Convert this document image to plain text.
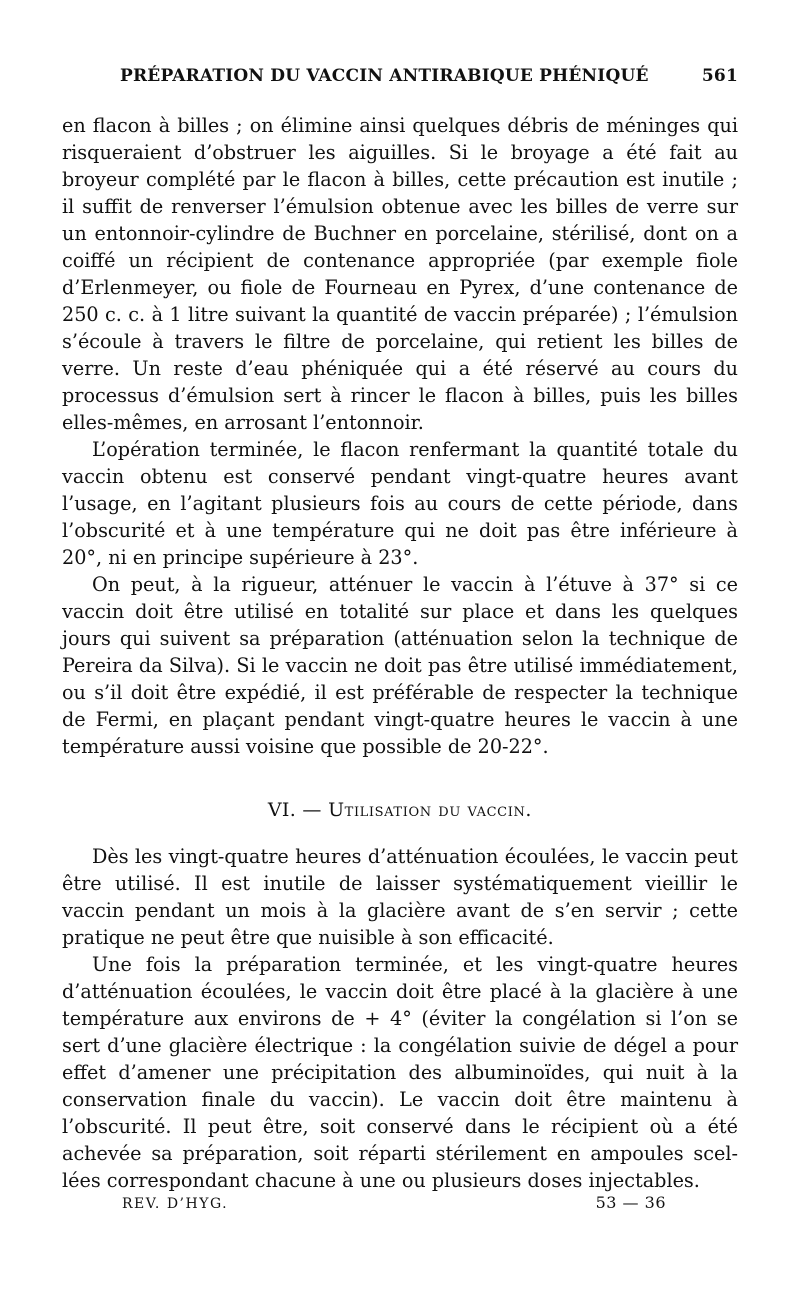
PRÉPARATION DU VACCIN ANTIRABIQUE PHÉNIQUÉ	561

en flacon à billes ; on élimine ainsi quelques débris de méninges qui risqueraient d’obstruer les aiguilles. Si le broyage a été fait au broyeur complété par le flacon à billes, cette précaution est inutile ; il suffit de renverser l’émulsion obtenue avec les billes de verre sur un entonnoir-cylindre de Buchner en porcelaine, stérilisé, dont on a coiffé un récipient de contenance appropriée (par exemple fiole d’Erlenmeyer, ou fiole de Fourneau en Pyrex, d’une contenance de 250 c. c. à 1 litre suivant la quantité de vaccin préparée) ; l’émulsion s’écoule à travers le filtre de porcelaine, qui retient les billes de verre. Un reste d’eau phéniquée qui a été réservé au cours du processus d’émulsion sert à rincer le flacon à billes, puis les billes elles-mêmes, en arrosant l’entonnoir.

L’opération terminée, le flacon renfermant la quantité totale du vaccin obtenu est conservé pendant vingt-quatre heures avant l’usage, en l’agitant plusieurs fois au cours de cette période, dans l’obscurité et à une température qui ne doit pas être inférieure à 20°, ni en principe supérieure à 23°.

On peut, à la rigueur, atténuer le vaccin à l’étuve à 37° si ce vaccin doit être utilisé en totalité sur place et dans les quelques jours qui suivent sa préparation (atténuation selon la technique de Pereira da Silva). Si le vaccin ne doit pas être utilisé immédiatement, ou s’il doit être expédié, il est préférable de respecter la technique de Fermi, en plaçant pendant vingt-quatre heures le vaccin à une température aussi voisine que possible de 20-22°.

VI. — Utilisation du vaccin.

Dès les vingt-quatre heures d’atténuation écoulées, le vaccin peut être utilisé. Il est inutile de laisser systématiquement vieillir le vaccin pendant un mois à la glacière avant de s’en servir ; cette pratique ne peut être que nuisible à son efficacité.

Une fois la préparation terminée, et les vingt-quatre heures d’atténuation écoulées, le vaccin doit être placé à la glacière à une température aux environs de + 4° (éviter la congélation si l’on se sert d’une glacière électrique : la congélation suivie de dégel a pour effet d’amener une précipitation des albuminoïdes, qui nuit à la conservation finale du vaccin). Le vaccin doit être maintenu à l’obscurité. Il peut être, soit conservé dans le récipient où a été achevée sa préparation, soit réparti stérilement en ampoules scellées correspondant chacune à une ou plusieurs doses injectables.

REV. D’HYG.	53 — 36
